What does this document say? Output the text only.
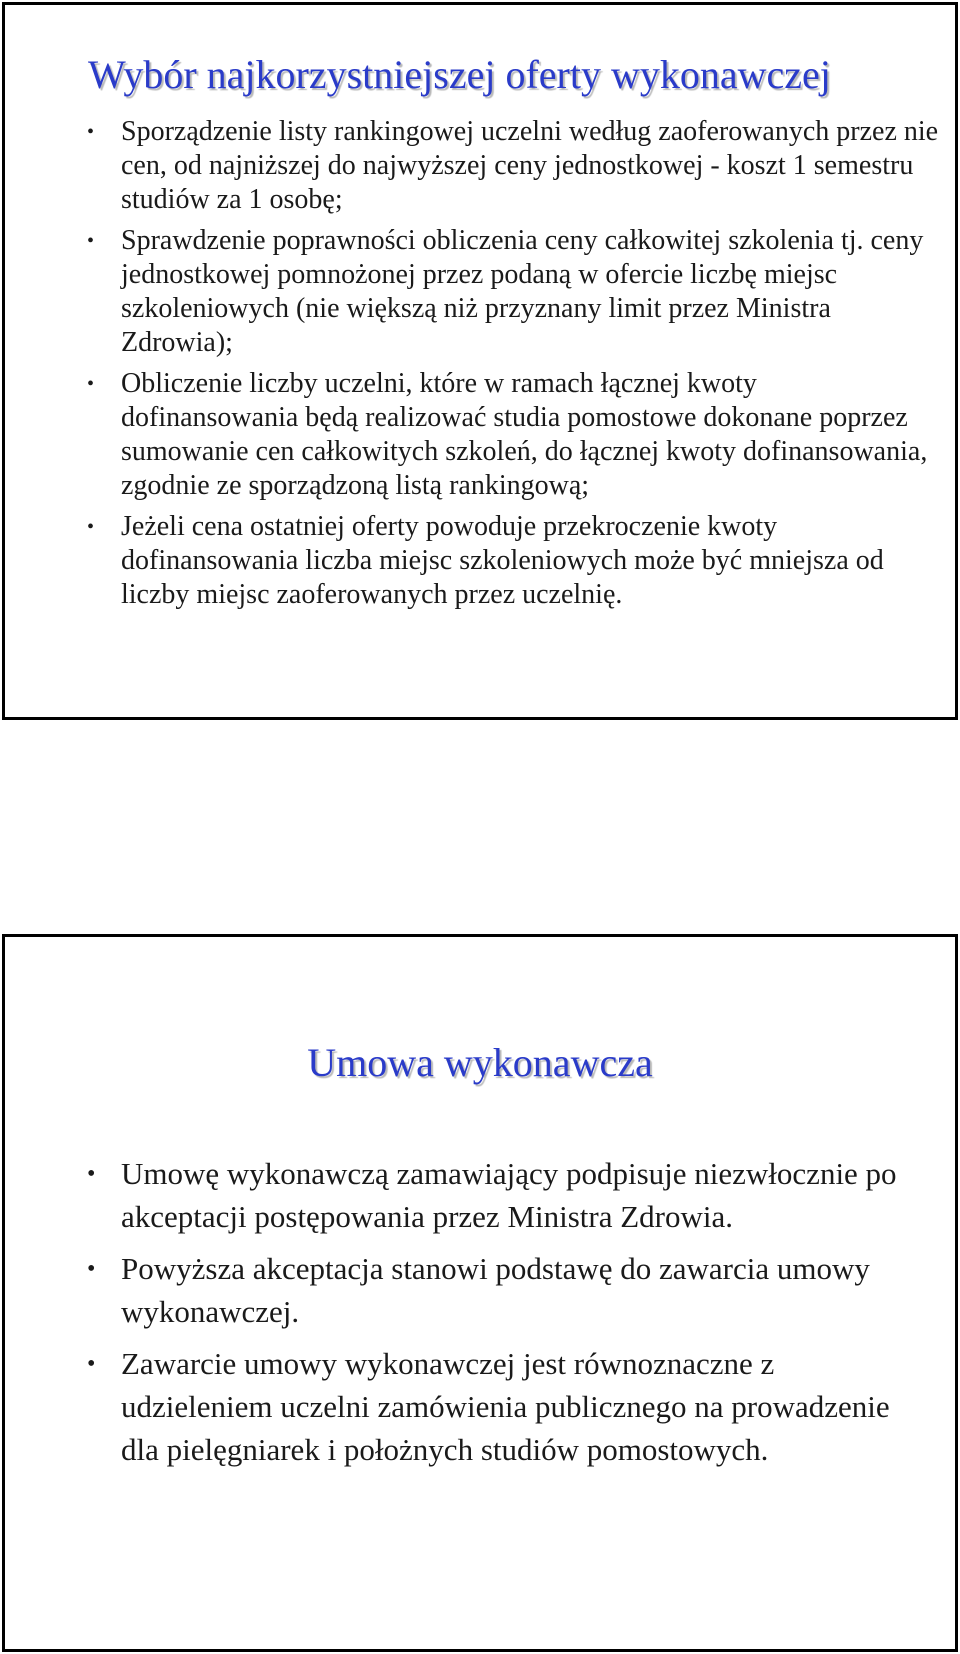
Wybór najkorzystniejszej oferty wykonawczej
• Sporządzenie listy rankingowej uczelni według zaoferowanych przez nie cen, od najniższej do najwyższej ceny jednostkowej - koszt 1 semestru studiów za 1 osobę;
• Sprawdzenie poprawności obliczenia ceny całkowitej szkolenia tj. ceny jednostkowej pomnożonej przez podaną w ofercie liczbę miejsc szkoleniowych (nie większą niż przyznany limit przez Ministra Zdrowia);
• Obliczenie liczby uczelni, które w ramach łącznej kwoty dofinansowania będą realizować studia pomostowe dokonane poprzez sumowanie cen całkowitych szkoleń, do łącznej kwoty dofinansowania, zgodnie ze sporządzoną listą rankingową;
• Jeżeli cena ostatniej oferty powoduje przekroczenie kwoty dofinansowania liczba miejsc szkoleniowych może być mniejsza od liczby miejsc zaoferowanych przez uczelnię.
Umowa wykonawcza
• Umowę wykonawczą zamawiający podpisuje niezwłocznie po akceptacji postępowania przez Ministra Zdrowia.
• Powyższa akceptacja stanowi podstawę do zawarcia umowy wykonawczej.
• Zawarcie umowy wykonawczej jest równoznaczne z udzieleniem uczelni zamówienia publicznego na prowadzenie dla pielęgniarek i położnych studiów pomostowych.
